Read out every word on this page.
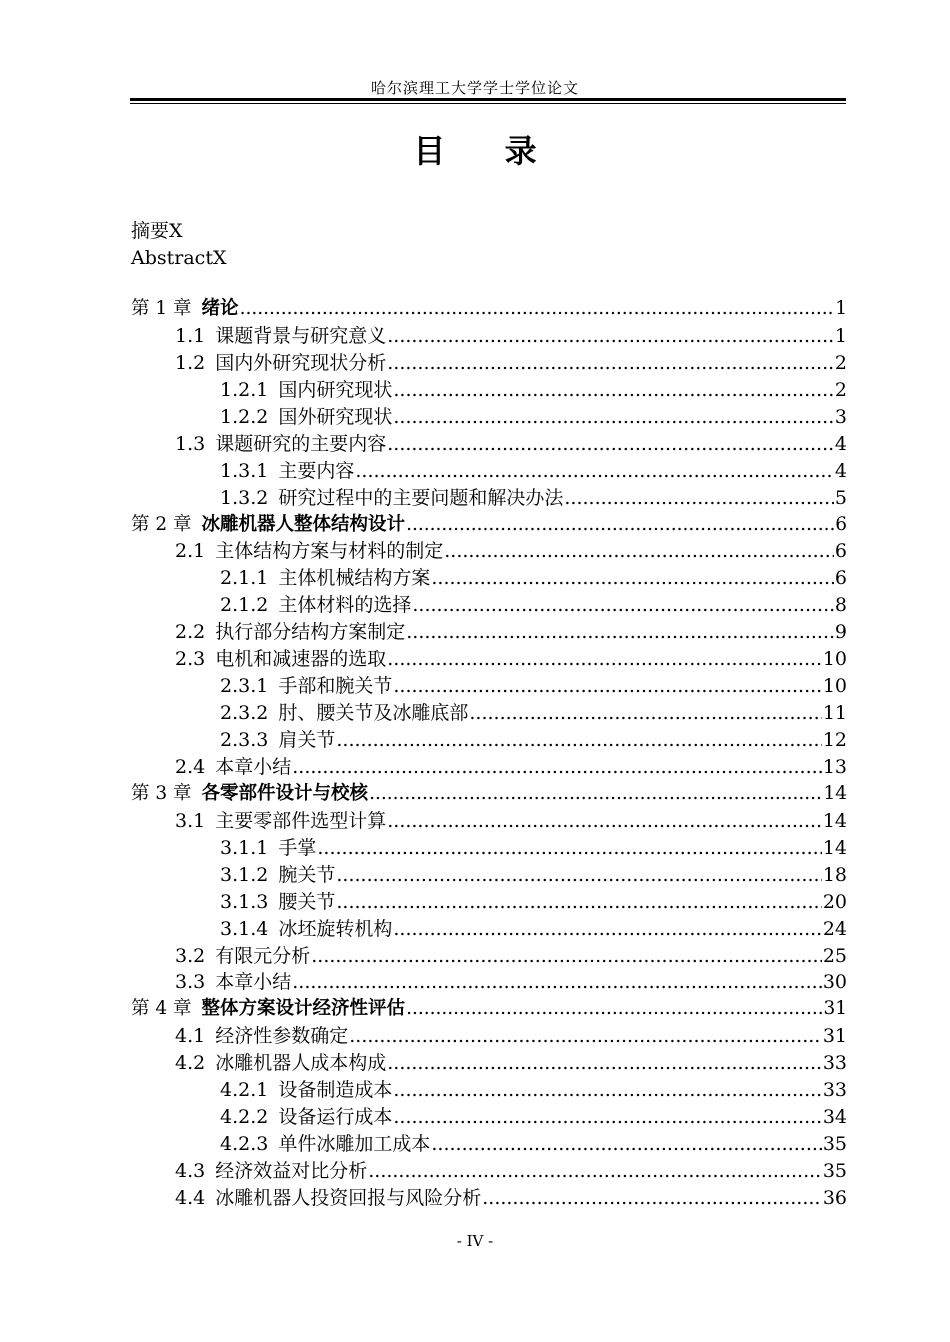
哈尔滨理工大学学士学位论文
目 录
摘要X
AbstractX
第 1 章 绪论 .....	1
1.1 课题背景与研究意义 .....	1
1.2 国内外研究现状分析 .....	2
1.2.1 国内研究现状 .....	2
1.2.2 国外研究现状 .....	3
1.3 课题研究的主要内容 .....	4
1.3.1 主要内容 .....	4
1.3.2 研究过程中的主要问题和解决办法 .....	5
第 2 章 冰雕机器人整体结构设计 .....	6
2.1 主体结构方案与材料的制定 .....	6
2.1.1 主体机械结构方案 .....	6
2.1.2 主体材料的选择 .....	8
2.2 执行部分结构方案制定 .....	9
2.3 电机和减速器的选取 .....	10
2.3.1 手部和腕关节 .....	10
2.3.2 肘、腰关节及冰雕底部 .....	11
2.3.3 肩关节 .....	12
2.4 本章小结 .....	13
第 3 章 各零部件设计与校核 .....	14
3.1 主要零部件选型计算 .....	14
3.1.1 手掌 .....	14
3.1.2 腕关节 .....	18
3.1.3 腰关节 .....	20
3.1.4 冰坯旋转机构 .....	24
3.2 有限元分析 .....	25
3.3 本章小结 .....	30
第 4 章 整体方案设计经济性评估 .....	31
4.1 经济性参数确定 .....	31
4.2 冰雕机器人成本构成 .....	33
4.2.1 设备制造成本 .....	33
4.2.2 设备运行成本 .....	34
4.2.3 单件冰雕加工成本 .....	35
4.3 经济效益对比分析 .....	35
4.4 冰雕机器人投资回报与风险分析 .....	36
- IV -
